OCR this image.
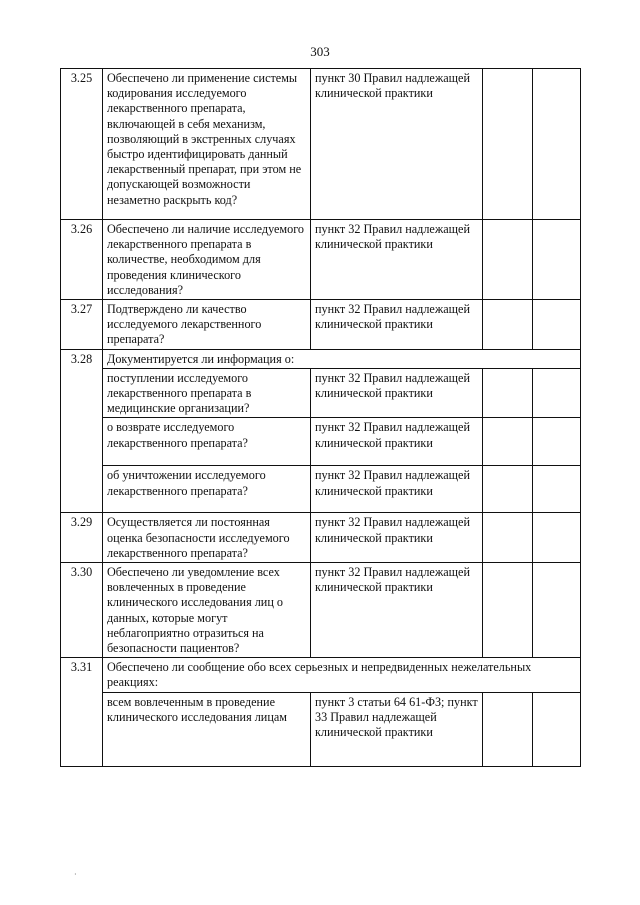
303
3.25	Обеспечено ли применение системы кодирования исследуемого лекарственного препарата, включающей в себя механизм, позволяющий в экстренных случаях быстро идентифицировать данный лекарственный препарат, при этом не допускающей возможности незаметно раскрыть код?	пункт 30 Правил надлежащей клинической практики		
3.26	Обеспечено ли наличие исследуемого лекарственного препарата в количестве, необходимом для проведения клинического исследования?	пункт 32 Правил надлежащей клинической практики		
3.27	Подтверждено ли качество исследуемого лекарственного препарата?	пункт 32 Правил надлежащей клинической практики		
3.28	Документируется ли информация о:			
	поступлении исследуемого лекарственного препарата в медицинские организации?	пункт 32 Правил надлежащей клинической практики		
	о возврате исследуемого лекарственного препарата?	пункт 32 Правил надлежащей клинической практики		
	об уничтожении исследуемого лекарственного препарата?	пункт 32 Правил надлежащей клинической практики		
3.29	Осуществляется ли постоянная оценка безопасности исследуемого лекарственного препарата?	пункт 32 Правил надлежащей клинической практики		
3.30	Обеспечено ли уведомление всех вовлеченных в проведение клинического исследования лиц о данных, которые могут неблагоприятно отразиться на безопасности пациентов?	пункт 32 Правил надлежащей клинической практики		
3.31	Обеспечено ли сообщение обо всех серьезных и непредвиденных нежелательных реакциях:			
	всем вовлеченным в проведение клинического исследования лицам	пункт 3 статьи 64 61-ФЗ; пункт 33 Правил надлежащей клинической практики		
·
